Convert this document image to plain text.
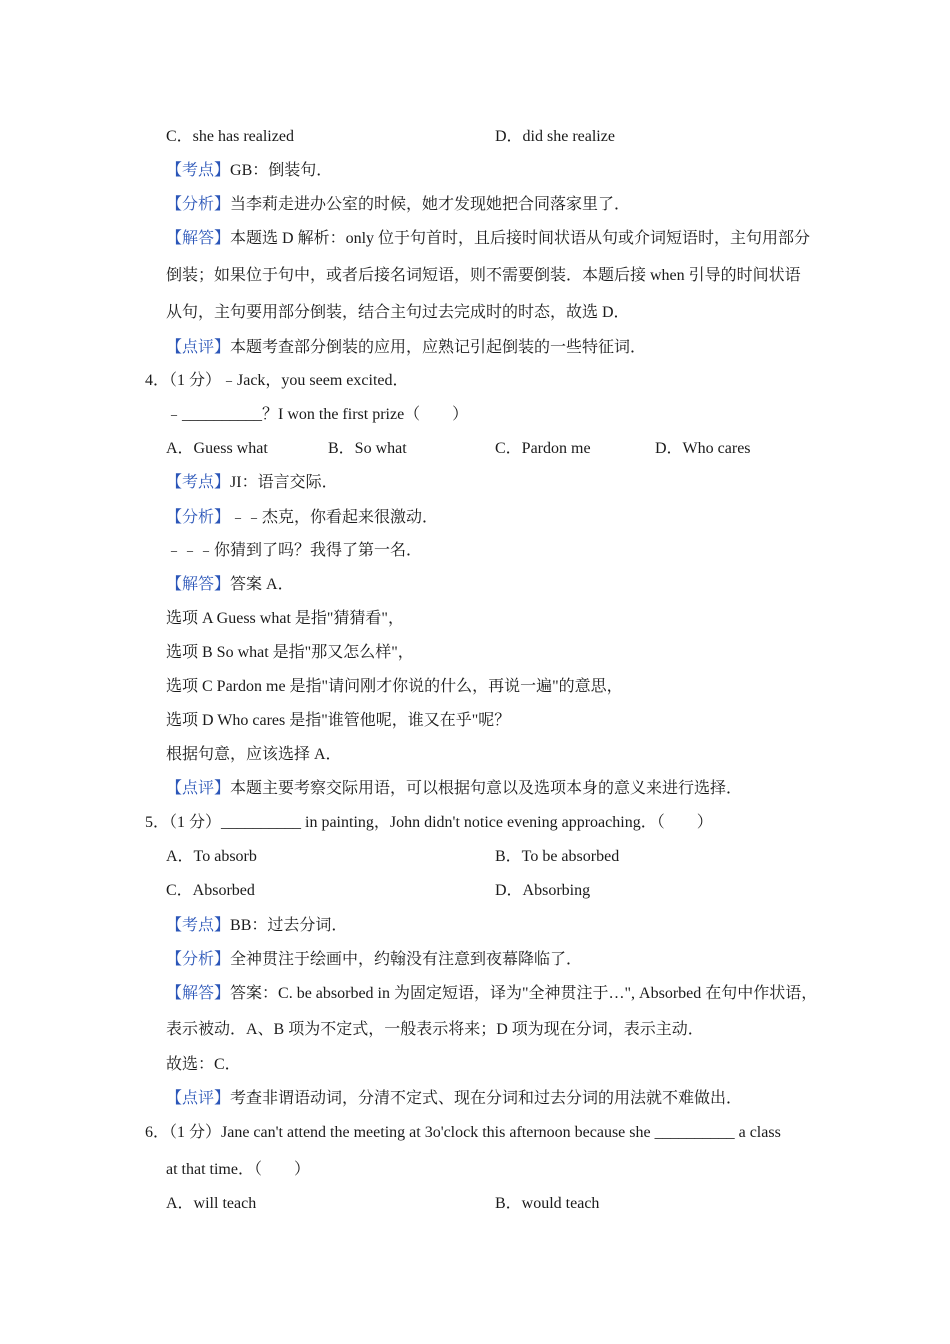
C．she has realized	D．did she realize
【考点】GB：倒装句．
【分析】当李莉走进办公室的时候，她才发现她把合同落家里了．
【解答】本题选 D 解析：only 位于句首时，且后接时间状语从句或介词短语时，主句用部分
倒装；如果位于句中，或者后接名词短语，则不需要倒装．本题后接 when 引导的时间状语
从句，主句要用部分倒装，结合主句过去完成时的时态，故选 D．
【点评】本题考查部分倒装的应用，应熟记引起倒装的一些特征词．
4．（1 分）﹣Jack，you seem excited．
﹣__________？I won the first prize（　　）
A．Guess what	B．So what	C．Pardon me	D．Who cares
【考点】JI：语言交际．
【分析】﹣﹣杰克，你看起来很激动．
﹣﹣﹣你猜到了吗？我得了第一名．
【解答】答案 A．
选项 A Guess what 是指"猜猜看"，
选项 B So what 是指"那又怎么样"，
选项 C Pardon me 是指"请问刚才你说的什么，再说一遍"的意思，
选项 D Who cares 是指"谁管他呢，谁又在乎"呢？
根据句意，应该选择 A．
【点评】本题主要考察交际用语，可以根据句意以及选项本身的意义来进行选择．
5．（1 分）__________ in painting，John didn't notice evening approaching．（　　）
A．To absorb	B．To be absorbed
C．Absorbed	D．Absorbing
【考点】BB：过去分词．
【分析】全神贯注于绘画中，约翰没有注意到夜幕降临了．
【解答】答案：C. be absorbed in 为固定短语，译为"全神贯注于…", Absorbed 在句中作状语，
表示被动．A、B 项为不定式，一般表示将来；D 项为现在分词，表示主动．
故选：C．
【点评】考查非谓语动词，分清不定式、现在分词和过去分词的用法就不难做出．
6．（1 分）Jane can't attend the meeting at 3o'clock this afternoon because she __________ a class
at that time．（　　）
A．will teach	B．would teach
